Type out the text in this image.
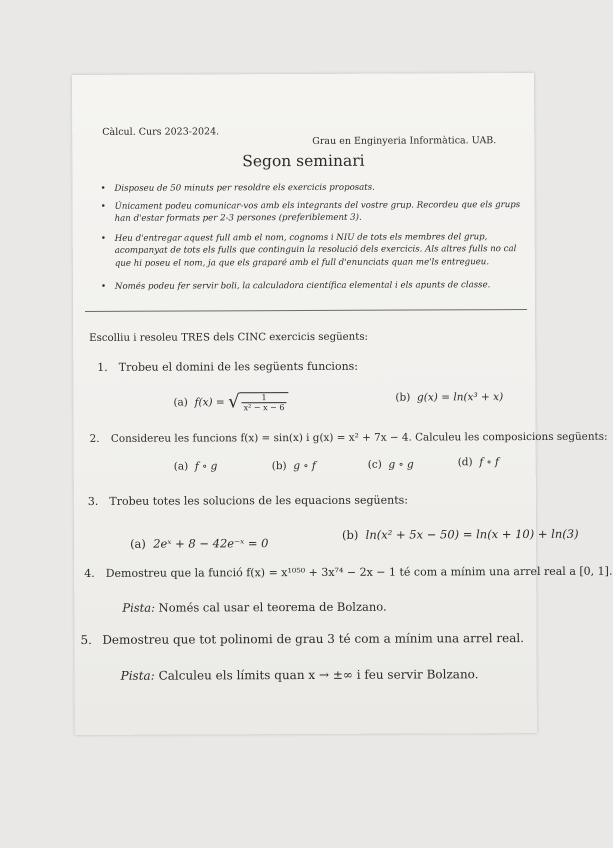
Càlcul. Curs 2023-2024.
Grau en Enginyeria Informàtica. UAB.
Segon seminari
•	Disposeu de 50 minuts per resoldre els exercicis proposats.
•	Únicament podeu comunicar-vos amb els integrants del vostre grup. Recordeu que els grups han d'estar formats per 2-3 persones (preferiblement 3).
•	Heu d'entregar aquest full amb el nom, cognoms i NIU de tots els membres del grup, acompanyat de tots els fulls que continguin la resolució dels exercicis. Als altres fulls no cal que hi poseu el nom, ja que els graparé amb el full d'enunciats quan me'ls entregueu.
•	Només podeu fer servir boli, la calculadora científica elemental i els apunts de classe.
Escolliu i resoleu TRES dels CINC exercicis següents:
1. Trobeu el domini de les següents funcions:
(a) f(x) = √ $\frac{1}{\text{x² − x − 6}}$	(b) g(x) = ln(x³ + x)
2. Considereu les funcions f(x) = sin(x) i g(x) = x² + 7x − 4. Calculeu les composicions següents:
(a) f ∘ g	(b) g ∘ f	(c) g ∘ g	(d) f ∘ f
3. Trobeu totes les solucions de les equacions següents:
(a) 2eˣ + 8 − 42e⁻ˣ = 0
(b) ln(x² + 5x − 50) = ln(x + 10) + ln(3)
4. Demostreu que la funció f(x) = x¹⁰⁵⁰ + 3x⁷⁴ − 2x − 1 té com a mínim una arrel real a [0, 1].
Pista: Només cal usar el teorema de Bolzano.
5. Demostreu que tot polinomi de grau 3 té com a mínim una arrel real.
Pista: Calculeu els límits quan x → ±∞ i feu servir Bolzano.
